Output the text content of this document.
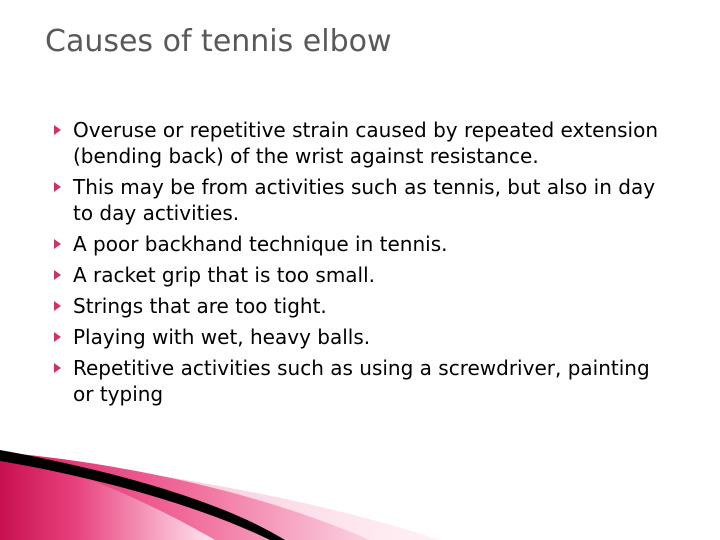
Causes of tennis elbow
Overuse or repetitive strain caused by repeated extension (bending back) of the wrist against resistance.
This may be from activities such as tennis, but also in day to day activities.
A poor backhand technique in tennis.
A racket grip that is too small.
Strings that are too tight.
Playing with wet, heavy balls.
Repetitive activities such as using a screwdriver, painting or typing
